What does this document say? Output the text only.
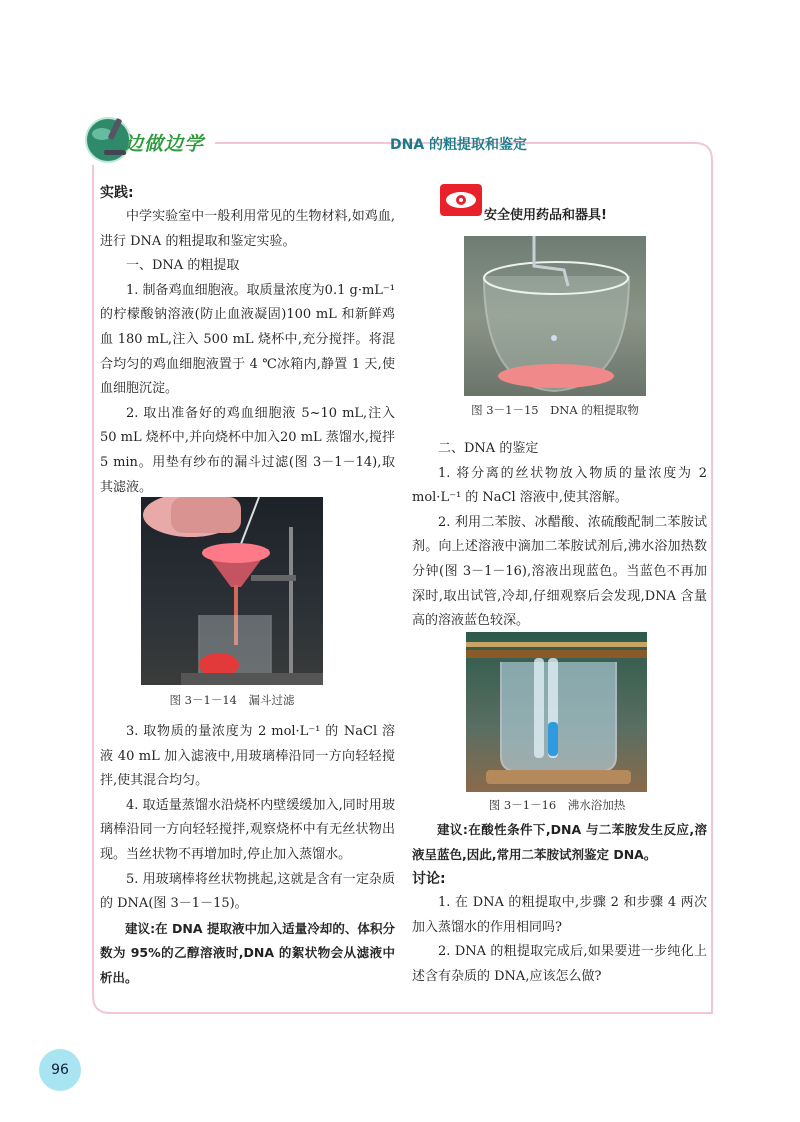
边做边学	DNA 的粗提取和鉴定
实践:

中学实验室中一般利用常见的生物材料,如鸡血,进行 DNA 的粗提取和鉴定实验。

一、DNA 的粗提取

1. 制备鸡血细胞液。取质量浓度为0.1 g·mL⁻¹的柠檬酸钠溶液(防止血液凝固)100 mL 和新鲜鸡血 180 mL,注入 500 mL 烧杯中,充分搅拌。将混合均匀的鸡血细胞液置于 4 ℃冰箱内,静置 1 天,使血细胞沉淀。

2. 取出准备好的鸡血细胞液 5~10 mL,注入50 mL 烧杯中,并向烧杯中加入20 mL 蒸馏水,搅拌 5 min。用垫有纱布的漏斗过滤(图 3－1－14),取其滤液。

图 3－1－14　漏斗过滤

3. 取物质的量浓度为 2 mol·L⁻¹ 的 NaCl 溶液 40 mL 加入滤液中,用玻璃棒沿同一方向轻轻搅拌,使其混合均匀。

4. 取适量蒸馏水沿烧杯内壁缓缓加入,同时用玻璃棒沿同一方向轻轻搅拌,观察烧杯中有无丝状物出现。当丝状物不再增加时,停止加入蒸馏水。

5. 用玻璃棒将丝状物挑起,这就是含有一定杂质的 DNA(图 3－1－15)。

建议:在 DNA 提取液中加入适量冷却的、体积分数为 95%的乙醇溶液时,DNA 的絮状物会从滤液中析出。

安全使用药品和器具!
图 3－1－15　DNA 的粗提取物

二、DNA 的鉴定

1. 将分离的丝状物放入物质的量浓度为 2 mol·L⁻¹ 的 NaCl 溶液中,使其溶解。

2. 利用二苯胺、冰醋酸、浓硫酸配制二苯胺试剂。向上述溶液中滴加二苯胺试剂后,沸水浴加热数分钟(图 3－1－16),溶液出现蓝色。当蓝色不再加深时,取出试管,冷却,仔细观察后会发现,DNA 含量高的溶液蓝色较深。

图 3－1－16　沸水浴加热

建议:在酸性条件下,DNA 与二苯胺发生反应,溶液呈蓝色,因此,常用二苯胺试剂鉴定 DNA。

讨论:

1. 在 DNA 的粗提取中,步骤 2 和步骤 4 两次加入蒸馏水的作用相同吗?

2. DNA 的粗提取完成后,如果要进一步纯化上述含有杂质的 DNA,应该怎么做?

96
